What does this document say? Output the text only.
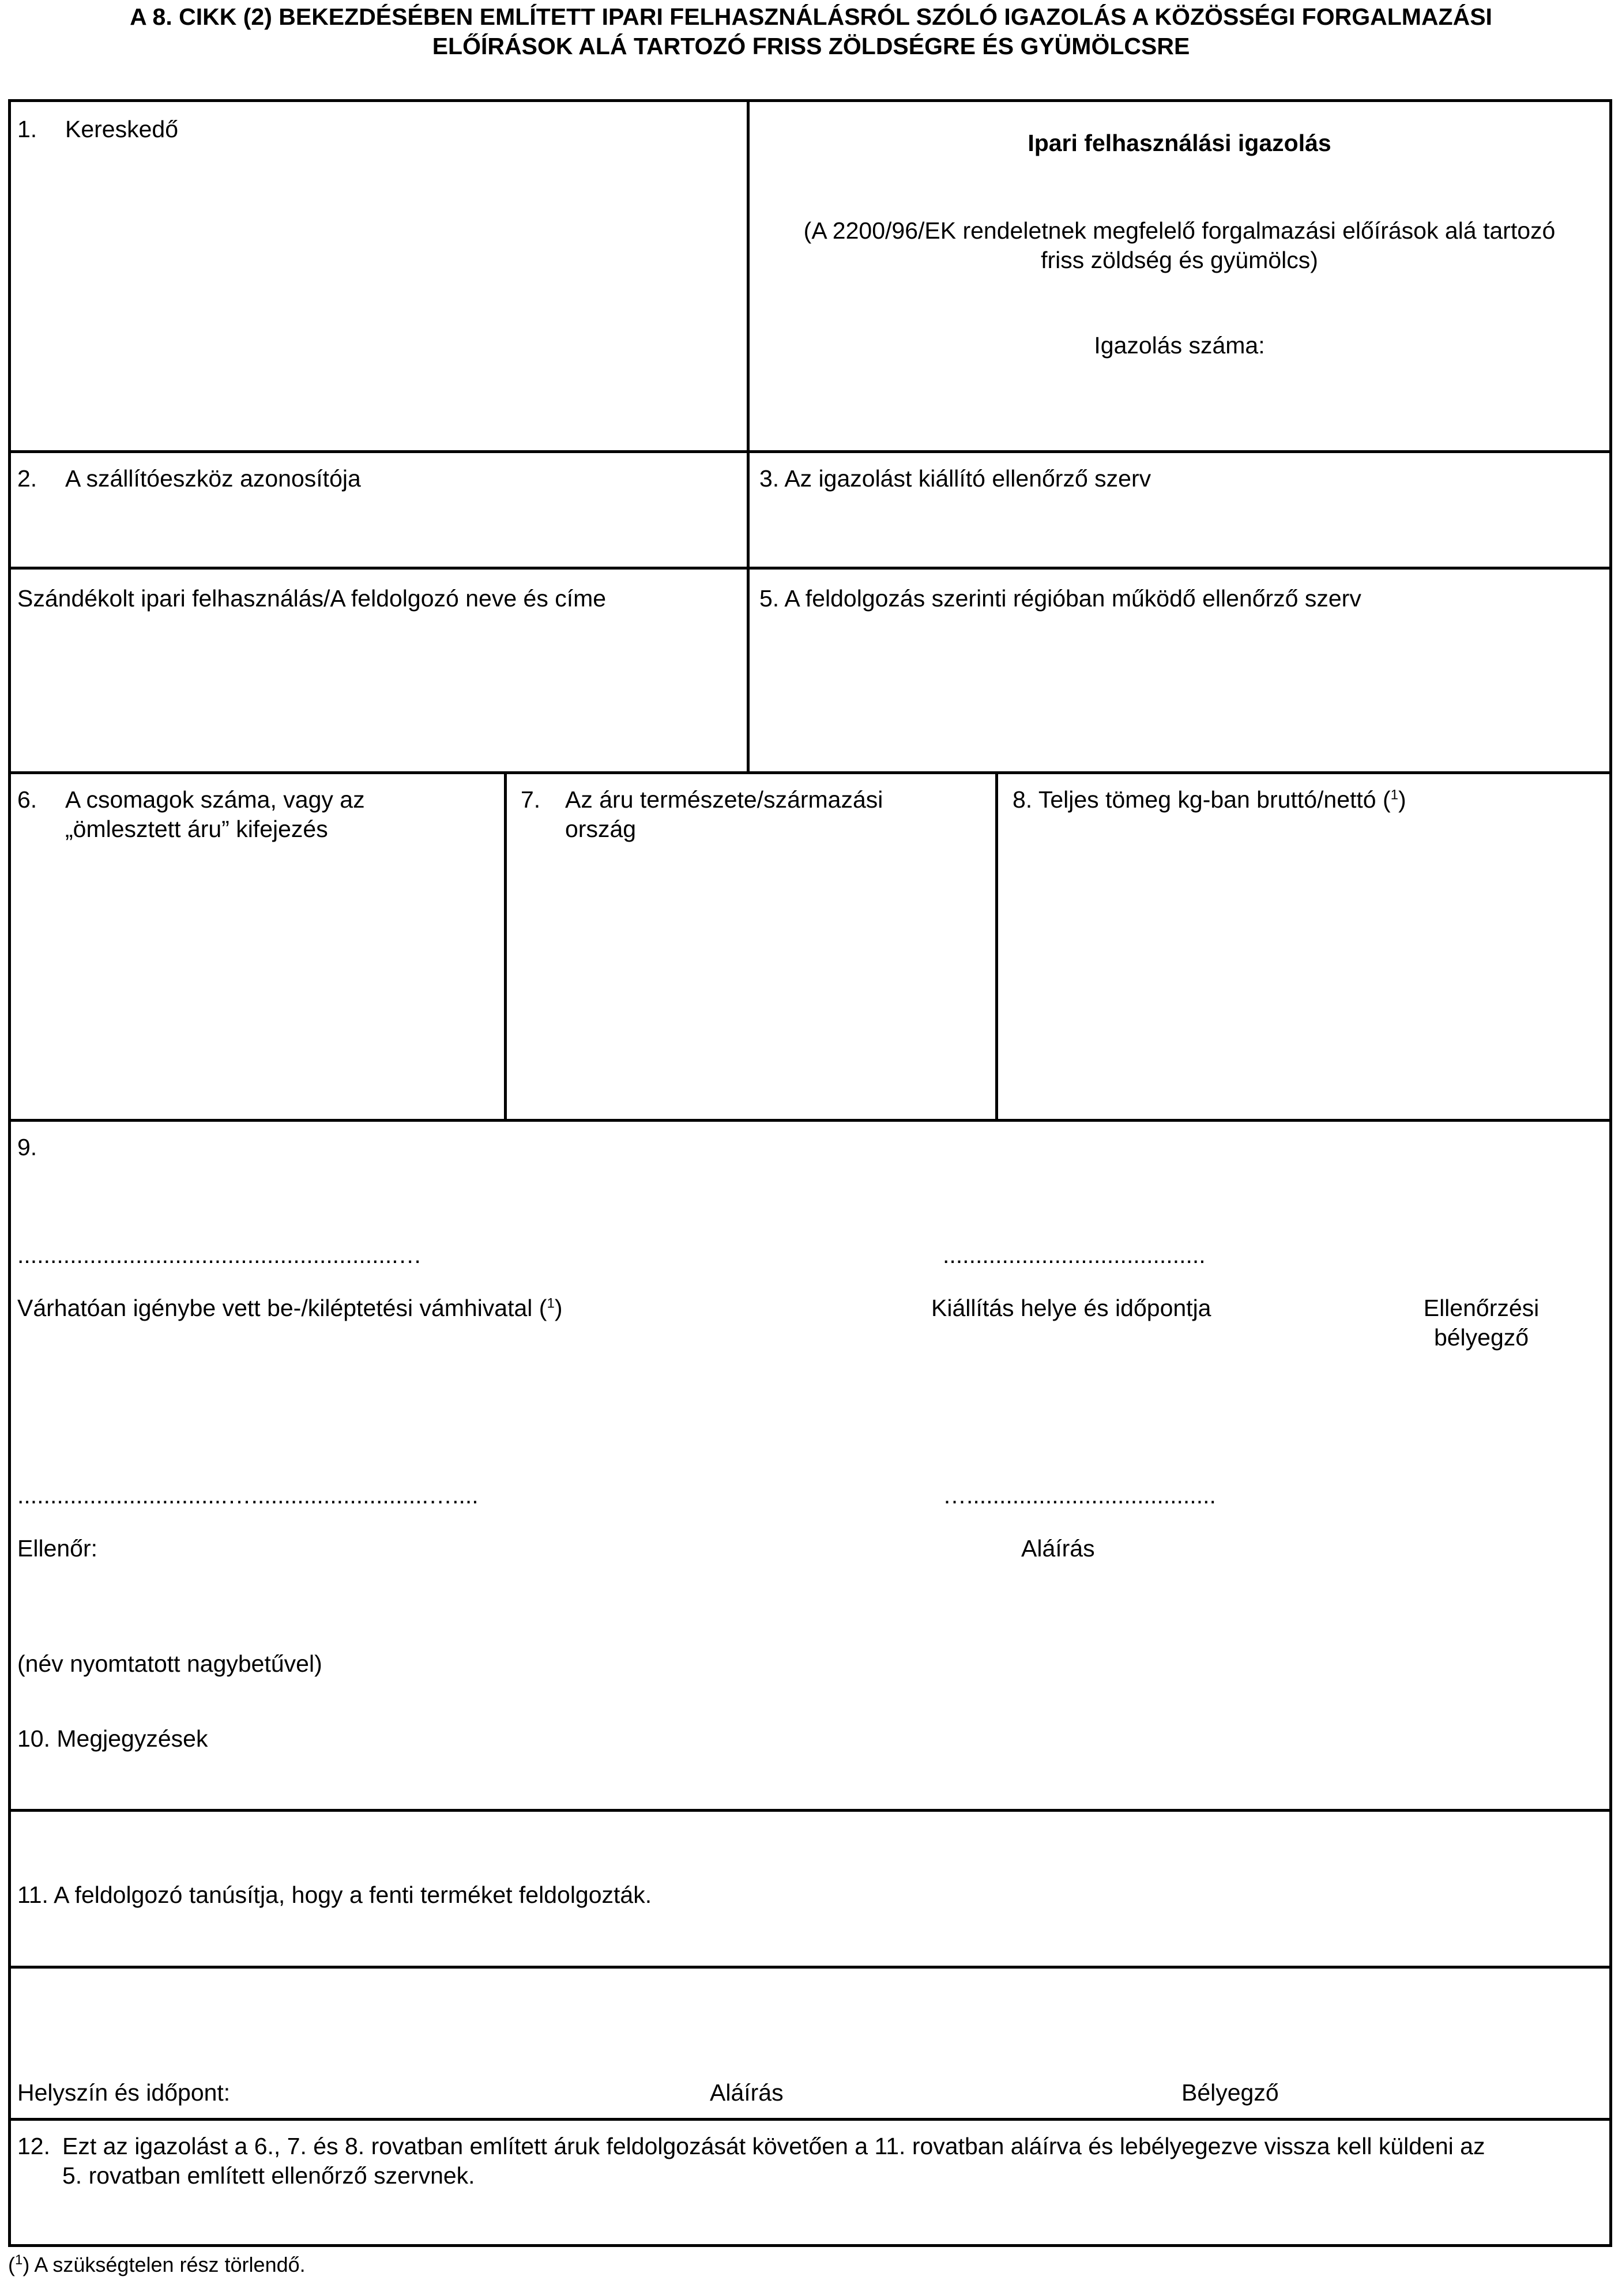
A 8. CIKK (2) BEKEZDÉSÉBEN EMLÍTETT IPARI FELHASZNÁLÁSRÓL SZÓLÓ IGAZOLÁS A KÖZÖSSÉGI FORGALMAZÁSI
ELŐÍRÁSOK ALÁ TARTOZÓ FRISS ZÖLDSÉGRE ÉS GYÜMÖLCSRE
1. Kereskedő
Ipari felhasználási igazolás
(A 2200/96/EK rendeletnek megfelelő forgalmazási előírások alá tartozó
friss zöldség és gyümölcs)
Igazolás száma:
2. A szállítóeszköz azonosítója	3. Az igazolást kiállító ellenőrző szerv
Szándékolt ipari felhasználás/A feldolgozó neve és címe	5. A feldolgozás szerinti régióban működő ellenőrző szerv
6. A csomagok száma, vagy az
„ömlesztett áru” kifejezés
7. Az áru természete/származási
ország
8. Teljes tömeg kg-ban bruttó/nettó ($^1$)
9.
..........................................................…	........................................
Várhatóan igénybe vett be-/kiléptetési vámhivatal ($^1$)	Kiállítás helye és időpontja	Ellenőrzési
bélyegző
................................…...........................…....	…......................................
Ellenőr:	Aláírás
(név nyomtatott nagybetűvel)
10. Megjegyzések
11. A feldolgozó tanúsítja, hogy a fenti terméket feldolgozták.
Helyszín és időpont:	Aláírás	Bélyegző
12. Ezt az igazolást a 6., 7. és 8. rovatban említett áruk feldolgozását követően a 11. rovatban aláírva és lebélyegezve vissza kell küldeni az
5. rovatban említett ellenőrző szervnek.
($^1$) A szükségtelen rész törlendő.
